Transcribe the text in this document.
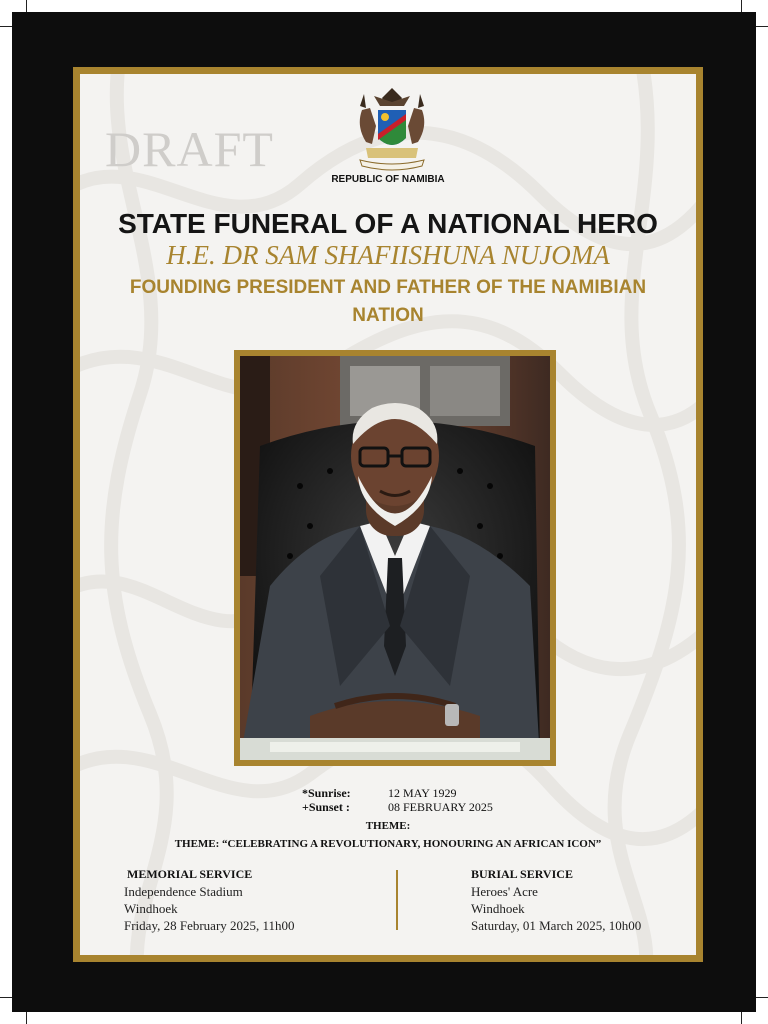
DRAFT
REPUBLIC OF NAMIBIA
STATE FUNERAL OF A NATIONAL HERO
H.E. DR SAM SHAFIISHUNA NUJOMA
FOUNDING PRESIDENT AND FATHER OF THE NAMIBIAN NATION
*Sunrise:	12 MAY 1929
+Sunset :	08 FEBRUARY 2025
THEME:
THEME: “CELEBRATING A REVOLUTIONARY, HONOURING AN AFRICAN ICON”
MEMORIAL SERVICE
Independence Stadium
Windhoek
Friday, 28 February 2025, 11h00
BURIAL SERVICE
Heroes' Acre
Windhoek
Saturday, 01 March 2025, 10h00
